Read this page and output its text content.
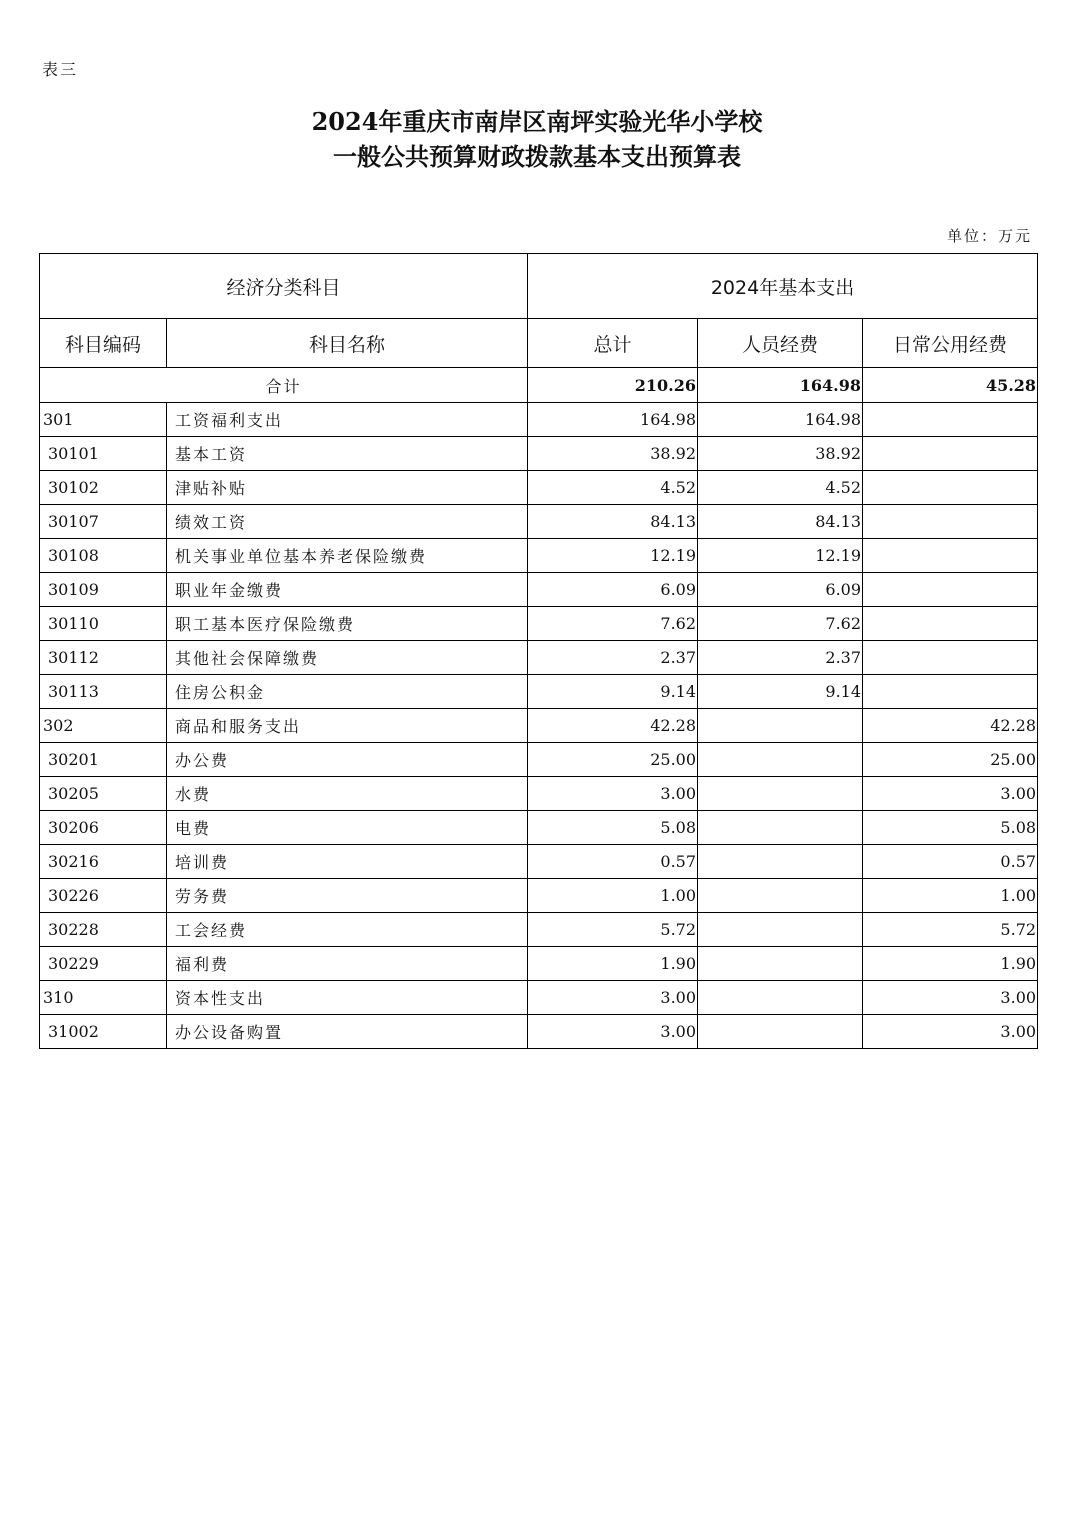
表三
2024年重庆市南岸区南坪实验光华小学校
一般公共预算财政拨款基本支出预算表
单位：万元
经济分类科目		2024年基本支出		
科目编码	科目名称	总计	人员经费	日常公用经费
合计		210.26	164.98	45.28
301	工资福利支出	164.98	164.98	
30101	基本工资	38.92	38.92	
30102	津贴补贴	4.52	4.52	
30107	绩效工资	84.13	84.13	
30108	机关事业单位基本养老保险缴费	12.19	12.19	
30109	职业年金缴费	6.09	6.09	
30110	职工基本医疗保险缴费	7.62	7.62	
30112	其他社会保障缴费	2.37	2.37	
30113	住房公积金	9.14	9.14	
302	商品和服务支出	42.28		42.28
30201	办公费	25.00		25.00
30205	水费	3.00		3.00
30206	电费	5.08		5.08
30216	培训费	0.57		0.57
30226	劳务费	1.00		1.00
30228	工会经费	5.72		5.72
30229	福利费	1.90		1.90
310	资本性支出	3.00		3.00
31002	办公设备购置	3.00		3.00
